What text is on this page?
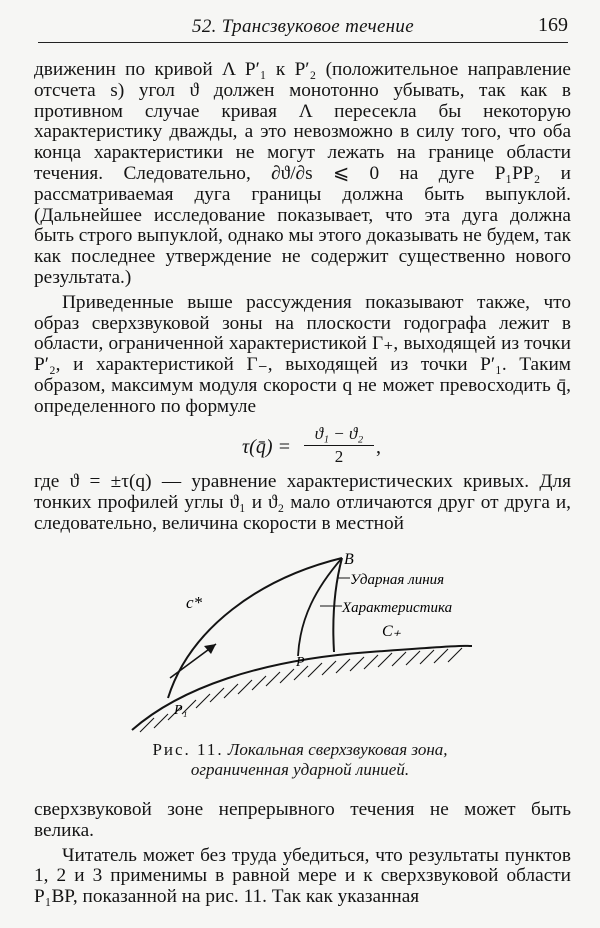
52. Трансзвуковое течение	169

движенин по кривой Λ P′₁ к P′₂ (положительное направление отсчета s) угол ϑ должен монотонно убывать, так как в противном случае кривая Λ пересекла бы некоторую характеристику дважды, а это невозможно в силу того, что оба конца характеристики не могут лежать на границе области течения. Следовательно, ∂ϑ/∂s ⩽ 0 на дуге P₁PP₂ и рассматриваемая дуга границы должна быть выпуклой. (Дальнейшее исследование показывает, что эта дуга должна быть строго выпуклой, однако мы этого доказывать не будем, так как последнее утверждение не содержит существенно нового результата.)

Приведенные выше рассуждения показывают также, что образ сверхзвуковой зоны на плоскости годографа лежит в области, ограниченной характеристикой Γ₊, выходящей из точки P′₂, и характеристикой Γ₋, выходящей из точки P′₁. Таким образом, максимум модуля скорости q не может превосходить q̄, определенного по формуле

τ(q̄) = $\frac{\text{ϑ₁ − ϑ₂}}{2}$ ,

где ϑ = ±τ(q) — уравнение характеристических кривых. Для тонких профилей углы ϑ₁ и ϑ₂ мало отличаются друг от друга и, следовательно, величина скорости в местной

B
c*
Ударная линия
Характеристика
C₊
P
P₁
Рис. 11. Локальная сверхзвуковая зона,
ограниченная ударной линией.

сверхзвуковой зоне непрерывного течения не может быть велика.

Читатель может без труда убедиться, что результаты пунктов 1, 2 и 3 применимы в равной мере и к сверхзвуковой области P₁BP, показанной на рис. 11. Так как указанная
